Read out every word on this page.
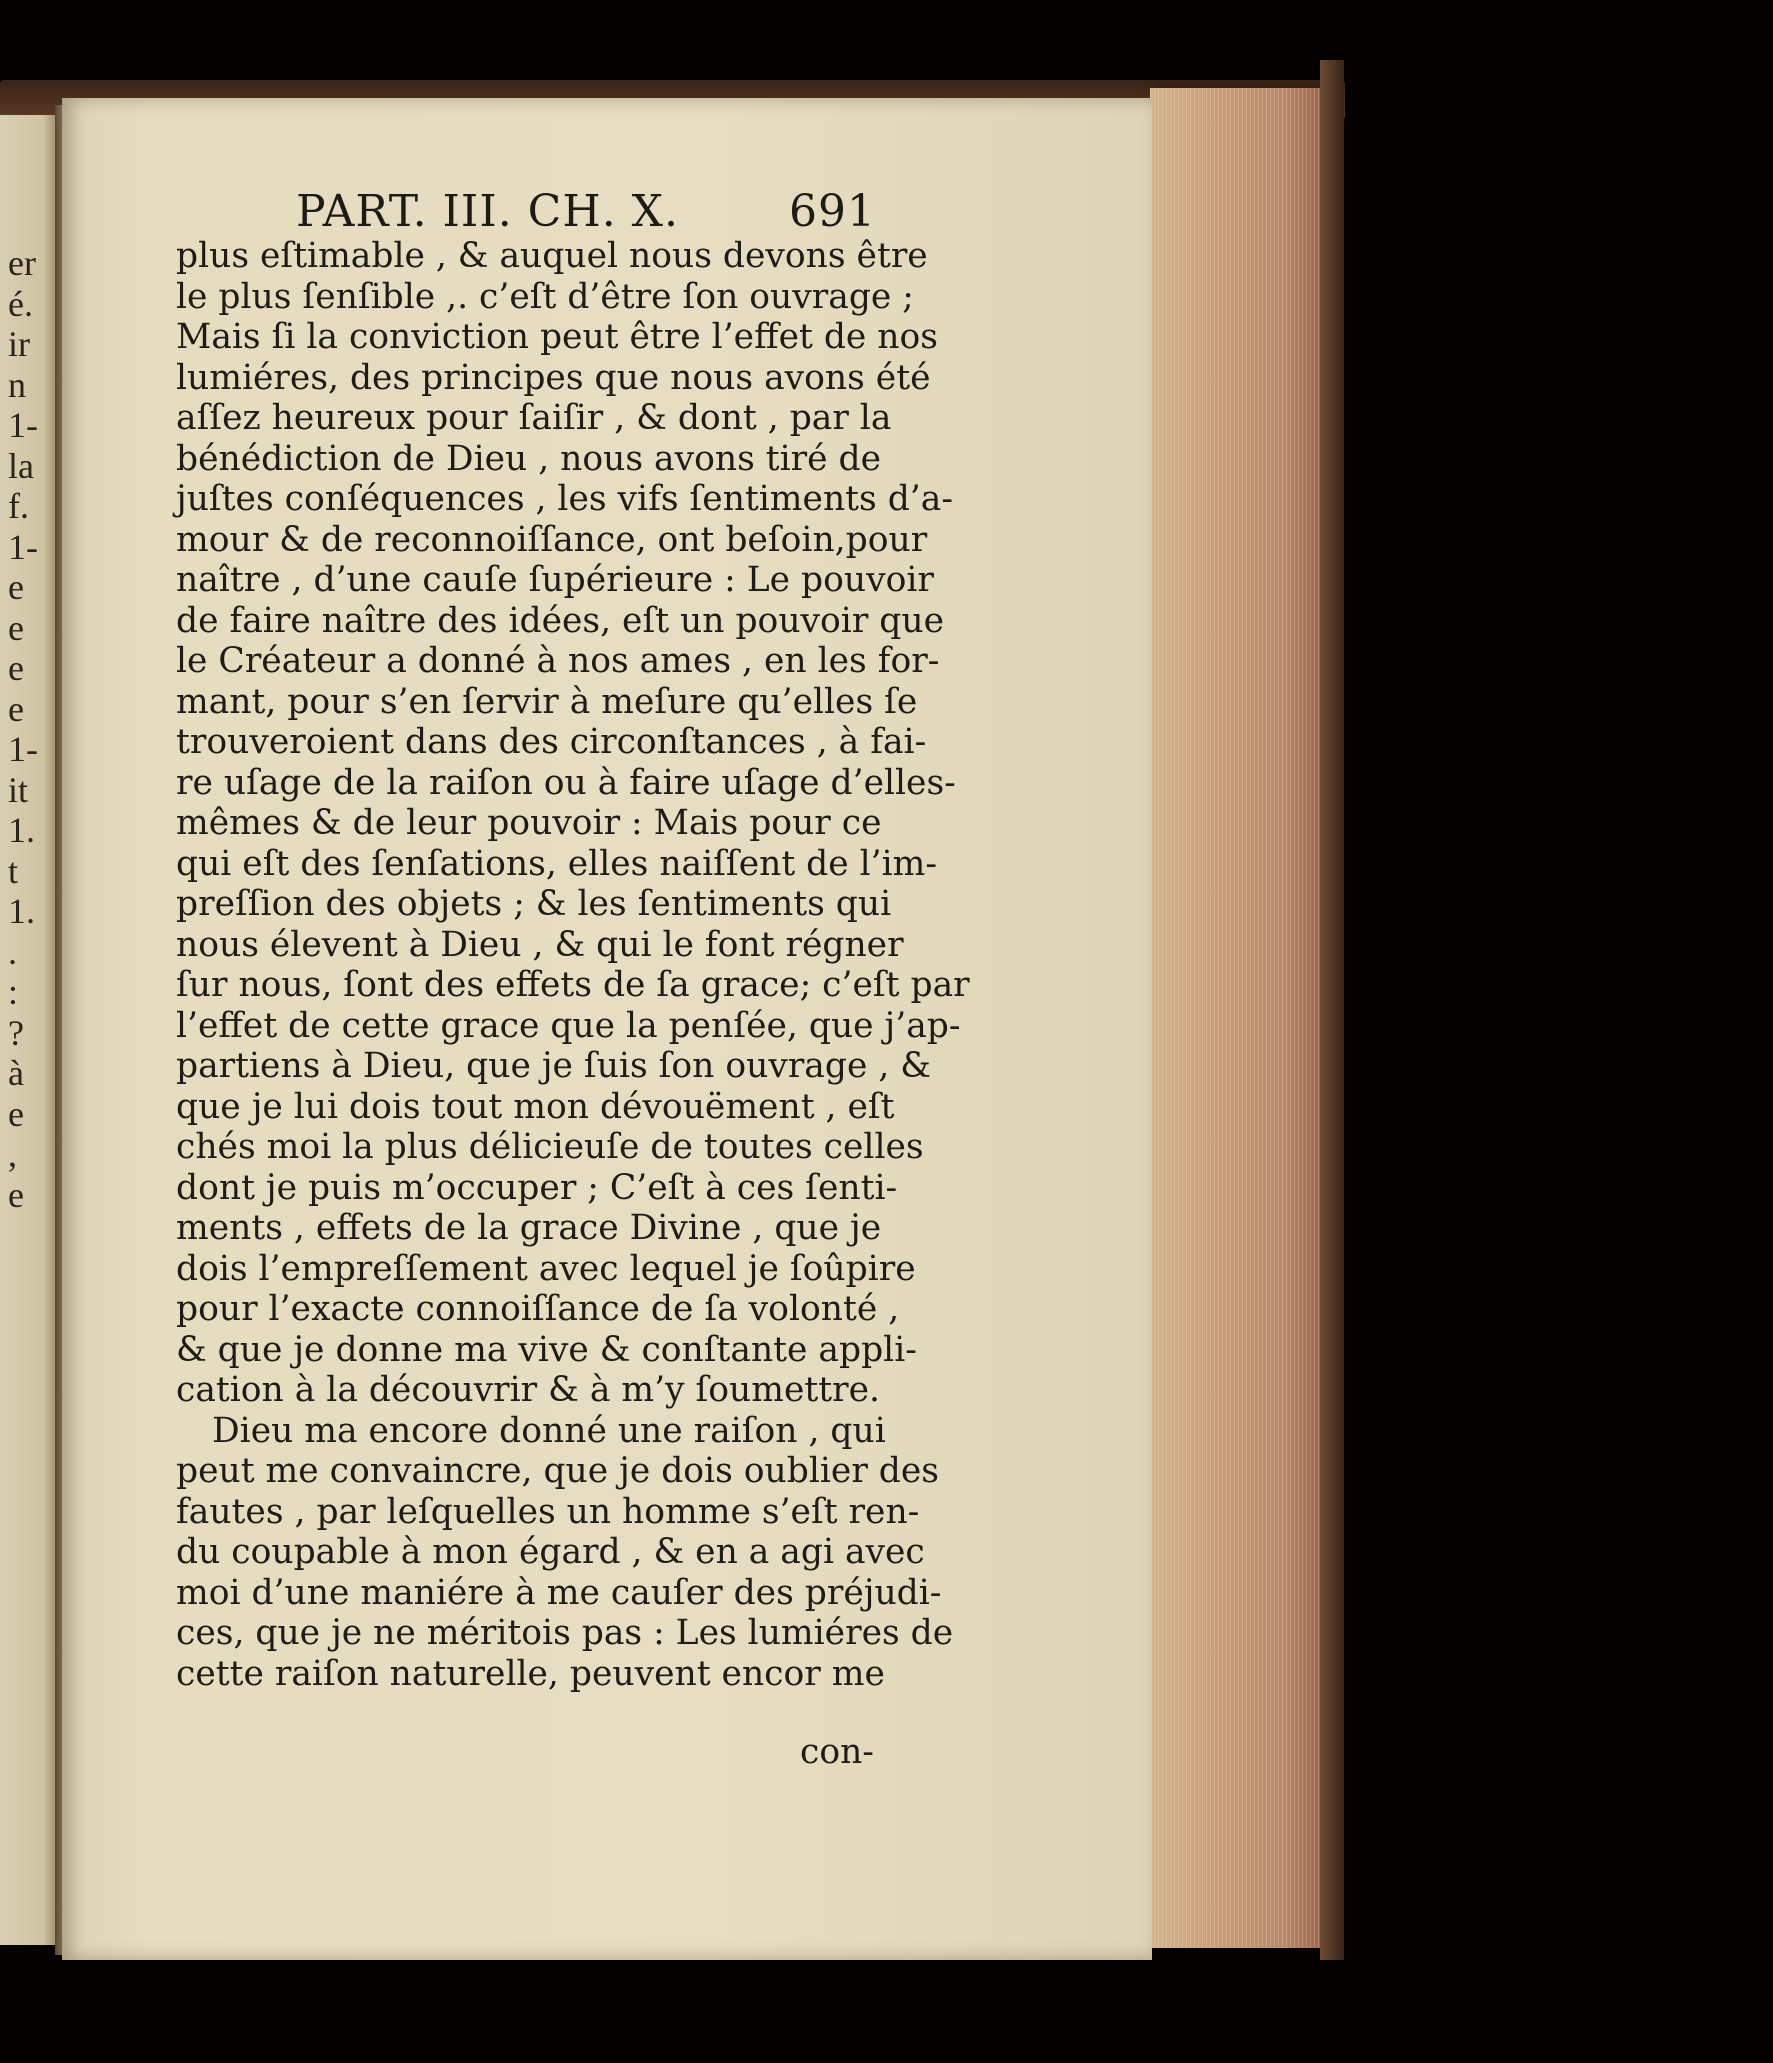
er
é.
ir
n
1-
la
f.
1-
e
e
e
e
1-
it
1.
t
1.
.
:
?
à
e
,
e
PART. III. CH. X.	691
plus eſtimable , & auquel nous devons être
le plus ſenſible ,. c’eſt d’être ſon ouvrage ;
Mais ſi la conviction peut être l’effet de nos
lumiéres, des principes que nous avons été
aſſez heureux pour ſaiſir , & dont , par la
bénédiction de Dieu , nous avons tiré de
juſtes conſéquences , les vifs ſentiments d’a-
mour & de reconnoiſſance, ont beſoin,pour
naître , d’une cauſe ſupérieure : Le pouvoir
de faire naître des idées, eſt un pouvoir que
le Créateur a donné à nos ames , en les for-
mant, pour s’en ſervir à meſure qu’elles ſe
trouveroient dans des circonſtances , à fai-
re uſage de la raiſon ou à faire uſage d’elles-
mêmes & de leur pouvoir : Mais pour ce
qui eſt des ſenſations, elles naiſſent de l’im-
preſſion des objets ; & les ſentiments qui
nous élevent à Dieu , & qui le font régner
ſur nous, ſont des effets de ſa grace; c’eſt par
l’effet de cette grace que la penſée, que j’ap-
partiens à Dieu, que je ſuis ſon ouvrage , &
que je lui dois tout mon dévouëment , eſt
chés moi la plus délicieuſe de toutes celles
dont je puis m’occuper ; C’eſt à ces ſenti-
ments , effets de la grace Divine , que je
dois l’empreſſement avec lequel je ſoûpire
pour l’exacte connoiſſance de ſa volonté ,
& que je donne ma vive & conſtante appli-
cation à la découvrir & à m’y ſoumettre.
Dieu ma encore donné une raiſon , qui
peut me convaincre, que je dois oublier des
fautes , par leſquelles un homme s’eſt ren-
du coupable à mon égard , & en a agi avec
moi d’une maniére à me cauſer des préjudi-
ces, que je ne méritois pas : Les lumiéres de
cette raiſon naturelle, peuvent encor me
con-
